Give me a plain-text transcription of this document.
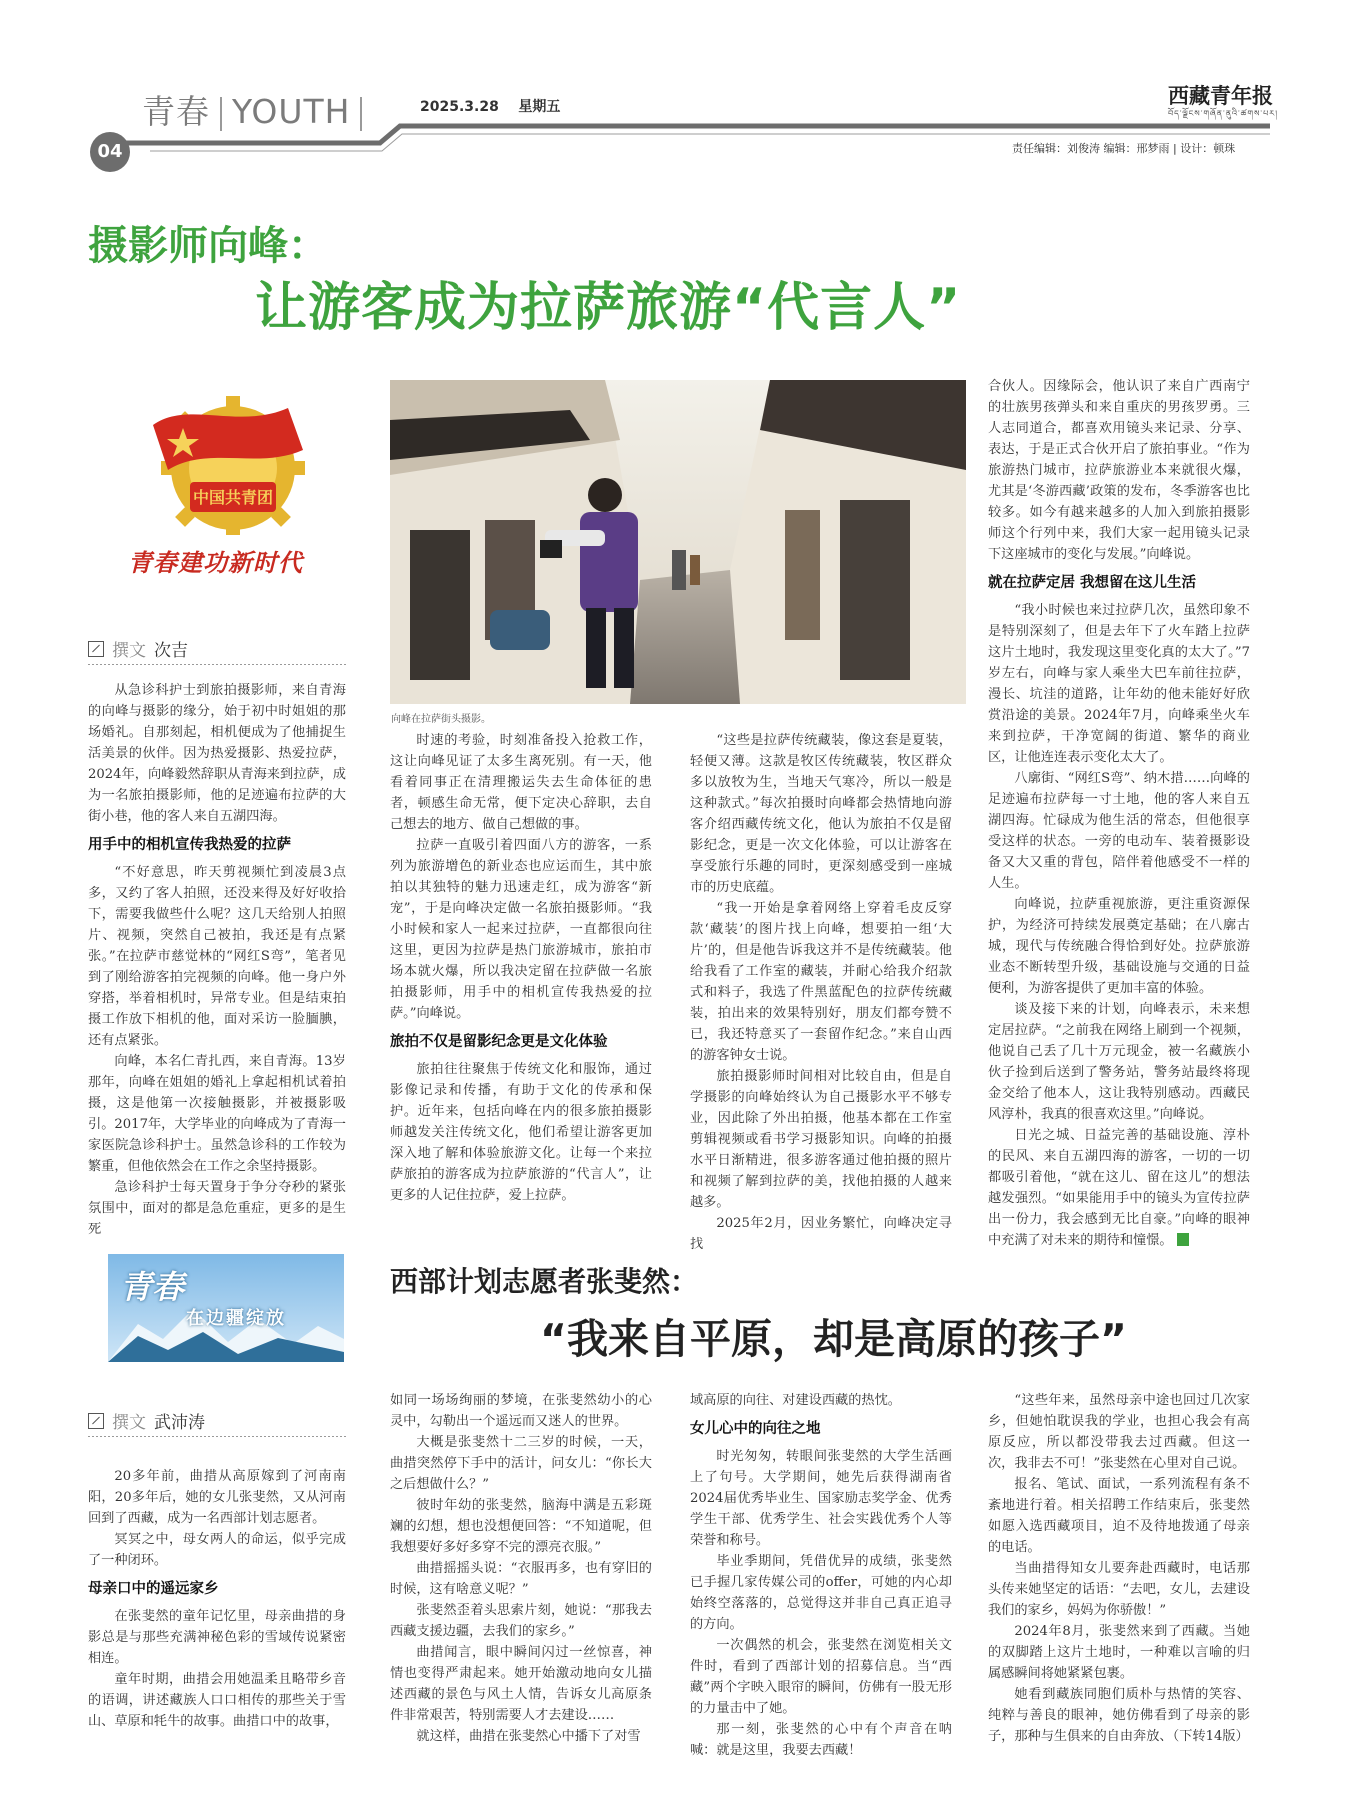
青春 YOUTH	2025.3.28 星期五	西藏青年报
བོད་ལྗོངས་གཞོན་ནུའི་ཚགས་པར།
04	责任编辑：刘俊涛 编辑：邢梦雨 | 设计：顿珠
摄影师向峰：
让游客成为拉萨旅游“代言人”
中国共青团
青春建功新时代
撰文 次吉
向峰在拉萨街头摄影。

从急诊科护士到旅拍摄影师，来自青海的向峰与摄影的缘分，始于初中时姐姐的那场婚礼。自那刻起，相机便成为了他捕捉生活美景的伙伴。因为热爱摄影、热爱拉萨，2024年，向峰毅然辞职从青海来到拉萨，成为一名旅拍摄影师，他的足迹遍布拉萨的大街小巷，他的客人来自五湖四海。

用手中的相机宣传我热爱的拉萨

“不好意思，昨天剪视频忙到凌晨3点多，又约了客人拍照，还没来得及好好收拾下，需要我做些什么呢？这几天给别人拍照片、视频，突然自己被拍，我还是有点紧张。”在拉萨市慈觉林的“网红S弯”，笔者见到了刚给游客拍完视频的向峰。他一身户外穿搭，举着相机时，异常专业。但是结束拍摄工作放下相机的他，面对采访一脸腼腆，还有点紧张。

向峰，本名仁青扎西，来自青海。13岁那年，向峰在姐姐的婚礼上拿起相机试着拍摄，这是他第一次接触摄影，并被摄影吸引。2017年，大学毕业的向峰成为了青海一家医院急诊科护士。虽然急诊科的工作较为繁重，但他依然会在工作之余坚持摄影。

急诊科护士每天置身于争分夺秒的紧张氛围中，面对的都是急危重症，更多的是生死

时速的考验，时刻准备投入抢救工作，这让向峰见证了太多生离死别。有一天，他看着同事正在清理搬运失去生命体征的患者，顿感生命无常，便下定决心辞职，去自己想去的地方、做自己想做的事。

拉萨一直吸引着四面八方的游客，一系列为旅游增色的新业态也应运而生，其中旅拍以其独特的魅力迅速走红，成为游客“新宠”，于是向峰决定做一名旅拍摄影师。“我小时候和家人一起来过拉萨，一直都很向往这里，更因为拉萨是热门旅游城市，旅拍市场本就火爆，所以我决定留在拉萨做一名旅拍摄影师，用手中的相机宣传我热爱的拉萨。”向峰说。

旅拍不仅是留影纪念更是文化体验

旅拍往往聚焦于传统文化和服饰，通过影像记录和传播，有助于文化的传承和保护。近年来，包括向峰在内的很多旅拍摄影师越发关注传统文化，他们希望让游客更加深入地了解和体验旅游文化。让每一个来拉萨旅拍的游客成为拉萨旅游的“代言人”，让更多的人记住拉萨，爱上拉萨。

“这些是拉萨传统藏装，像这套是夏装，轻便又薄。这款是牧区传统藏装，牧区群众多以放牧为生，当地天气寒冷，所以一般是这种款式。”每次拍摄时向峰都会热情地向游客介绍西藏传统文化，他认为旅拍不仅是留影纪念，更是一次文化体验，可以让游客在享受旅行乐趣的同时，更深刻感受到一座城市的历史底蕴。

“我一开始是拿着网络上穿着毛皮反穿款‘藏装’的图片找上向峰，想要拍一组‘大片’的，但是他告诉我这并不是传统藏装。他给我看了工作室的藏装，并耐心给我介绍款式和料子，我选了件黑蓝配色的拉萨传统藏装，拍出来的效果特别好，朋友们都夸赞不已，我还特意买了一套留作纪念。”来自山西的游客钟女士说。

旅拍摄影师时间相对比较自由，但是自学摄影的向峰始终认为自己摄影水平不够专业，因此除了外出拍摄，他基本都在工作室剪辑视频或看书学习摄影知识。向峰的拍摄水平日渐精进，很多游客通过他拍摄的照片和视频了解到拉萨的美，找他拍摄的人越来越多。

2025年2月，因业务繁忙，向峰决定寻找

合伙人。因缘际会，他认识了来自广西南宁的壮族男孩弹头和来自重庆的男孩罗勇。三人志同道合，都喜欢用镜头来记录、分享、表达，于是正式合伙开启了旅拍事业。“作为旅游热门城市，拉萨旅游业本来就很火爆，尤其是‘冬游西藏’政策的发布，冬季游客也比较多。如今有越来越多的人加入到旅拍摄影师这个行列中来，我们大家一起用镜头记录下这座城市的变化与发展。”向峰说。

就在拉萨定居 我想留在这儿生活

“我小时候也来过拉萨几次，虽然印象不是特别深刻了，但是去年下了火车踏上拉萨这片土地时，我发现这里变化真的太大了。”7岁左右，向峰与家人乘坐大巴车前往拉萨，漫长、坑洼的道路，让年幼的他未能好好欣赏沿途的美景。2024年7月，向峰乘坐火车来到拉萨，干净宽阔的街道、繁华的商业区，让他连连表示变化太大了。

八廓街、“网红S弯”、纳木措……向峰的足迹遍布拉萨每一寸土地，他的客人来自五湖四海。忙碌成为他生活的常态，但他很享受这样的状态。一旁的电动车、装着摄影设备又大又重的背包，陪伴着他感受不一样的人生。

向峰说，拉萨重视旅游，更注重资源保护，为经济可持续发展奠定基础；在八廓古城，现代与传统融合得恰到好处。拉萨旅游业态不断转型升级，基础设施与交通的日益便利，为游客提供了更加丰富的体验。

谈及接下来的计划，向峰表示，未来想定居拉萨。“之前我在网络上刷到一个视频，他说自己丢了几十万元现金，被一名藏族小伙子捡到后送到了警务站，警务站最终将现金交给了他本人，这让我特别感动。西藏民风淳朴，我真的很喜欢这里。”向峰说。

日光之城、日益完善的基础设施、淳朴的民风、来自五湖四海的游客，一切的一切都吸引着他，“就在这儿、留在这儿”的想法越发强烈。“如果能用手中的镜头为宣传拉萨出一份力，我会感到无比自豪。”向峰的眼神中充满了对未来的期待和憧憬。

青春
在边疆绽放
西部计划志愿者张斐然：
“我来自平原，却是高原的孩子”
撰文 武沛涛

20多年前，曲措从高原嫁到了河南南阳，20多年后，她的女儿张斐然，又从河南回到了西藏，成为一名西部计划志愿者。

冥冥之中，母女两人的命运，似乎完成了一种闭环。

母亲口中的遥远家乡

在张斐然的童年记忆里，母亲曲措的身影总是与那些充满神秘色彩的雪域传说紧密相连。

童年时期，曲措会用她温柔且略带乡音的语调，讲述藏族人口口相传的那些关于雪山、草原和牦牛的故事。曲措口中的故事，

如同一场场绚丽的梦境，在张斐然幼小的心灵中，勾勒出一个遥远而又迷人的世界。

大概是张斐然十二三岁的时候，一天，曲措突然停下手中的活计，问女儿：“你长大之后想做什么？”

彼时年幼的张斐然，脑海中满是五彩斑斓的幻想，想也没想便回答：“不知道呢，但我想要好多好多穿不完的漂亮衣服。”

曲措摇摇头说：“衣服再多，也有穿旧的时候，这有啥意义呢？”

张斐然歪着头思索片刻，她说：“那我去西藏支援边疆，去我们的家乡。”

曲措闻言，眼中瞬间闪过一丝惊喜，神情也变得严肃起来。她开始激动地向女儿描述西藏的景色与风土人情，告诉女儿高原条件非常艰苦，特别需要人才去建设……

就这样，曲措在张斐然心中播下了对雪

域高原的向往、对建设西藏的热忱。

女儿心中的向往之地

时光匆匆，转眼间张斐然的大学生活画上了句号。大学期间，她先后获得湖南省2024届优秀毕业生、国家励志奖学金、优秀学生干部、优秀学生、社会实践优秀个人等荣誉和称号。

毕业季期间，凭借优异的成绩，张斐然已手握几家传媒公司的offer，可她的内心却始终空落落的，总觉得这并非自己真正追寻的方向。

一次偶然的机会，张斐然在浏览相关文件时，看到了西部计划的招募信息。当“西藏”两个字映入眼帘的瞬间，仿佛有一股无形的力量击中了她。

那一刻，张斐然的心中有个声音在呐喊：就是这里，我要去西藏！

“这些年来，虽然母亲中途也回过几次家乡，但她怕耽误我的学业，也担心我会有高原反应，所以都没带我去过西藏。但这一次，我非去不可！”张斐然在心里对自己说。

报名、笔试、面试，一系列流程有条不紊地进行着。相关招聘工作结束后，张斐然如愿入选西藏项目，迫不及待地拨通了母亲的电话。

当曲措得知女儿要奔赴西藏时，电话那头传来她坚定的话语：“去吧，女儿，去建设我们的家乡，妈妈为你骄傲！”

2024年8月，张斐然来到了西藏。当她的双脚踏上这片土地时，一种难以言喻的归属感瞬间将她紧紧包裹。

她看到藏族同胞们质朴与热情的笑容、纯粹与善良的眼神，她仿佛看到了母亲的影子，那种与生俱来的自由奔放、（下转14版）
